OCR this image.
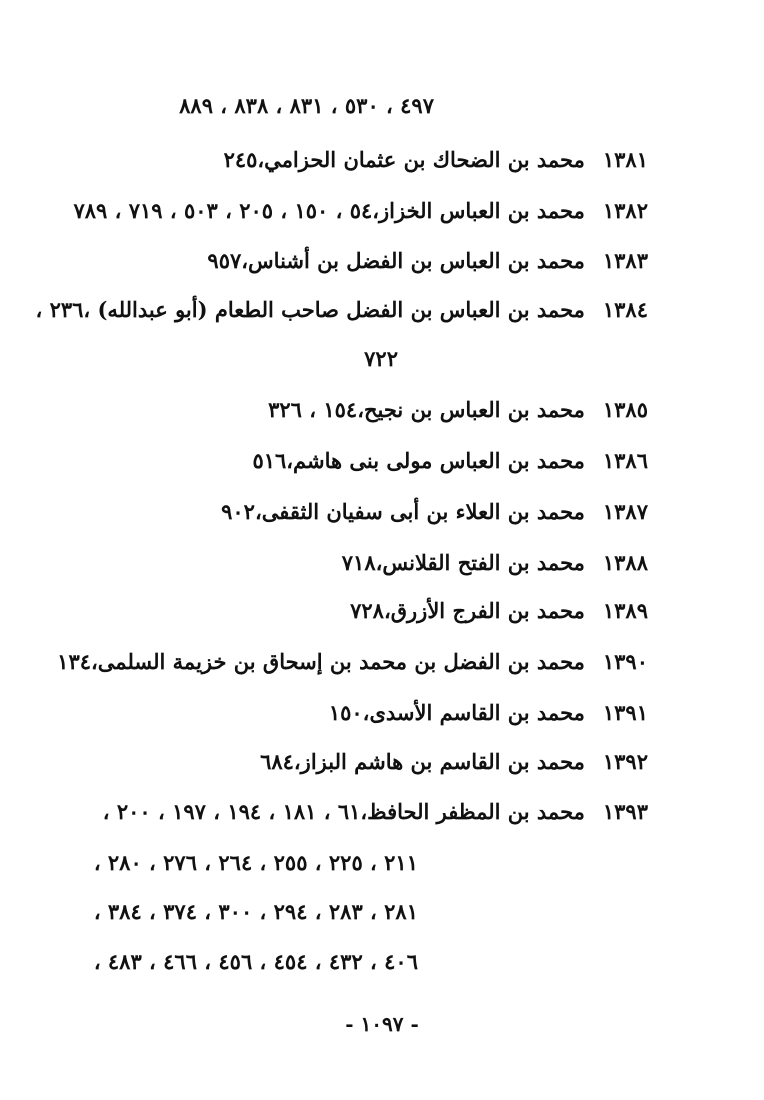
٤٩٧ ، ٥٣٠ ، ٨٣١ ، ٨٣٨ ، ٨٨٩
١٣٨١محمد بن الضحاك بن عثمان الحزامي،٢٤٥
١٣٨٢محمد بن العباس الخزاز،٥٤ ، ١٥٠ ، ٢٠٥ ، ٥٠٣ ، ٧١٩ ، ٧٨٩
١٣٨٣محمد بن العباس بن الفضل بن أشناس،٩٥٧
١٣٨٤محمد بن العباس بن الفضل صاحب الطعام (أبو عبدالله) ،٢٣٦ ،
٧٢٢
١٣٨٥محمد بن العباس بن نجيح،١٥٤ ، ٣٢٦
١٣٨٦محمد بن العباس مولى بنى هاشم،٥١٦
١٣٨٧محمد بن العلاء بن أبى سفيان الثقفى،٩٠٢
١٣٨٨محمد بن الفتح القلانس،٧١٨
١٣٨٩محمد بن الفرج الأزرق،٧٢٨
١٣٩٠محمد بن الفضل بن محمد بن إسحاق بن خزيمة السلمى،١٣٤
١٣٩١محمد بن القاسم الأسدى،١٥٠
١٣٩٢محمد بن القاسم بن هاشم البزاز،٦٨٤
١٣٩٣محمد بن المظفر الحافظ،٦١ ، ١٨١ ، ١٩٤ ، ١٩٧ ، ٢٠٠ ،
٢١١ ، ٢٢٥ ، ٢٥٥ ، ٢٦٤ ، ٢٧٦ ، ٢٨٠ ،
٢٨١ ، ٢٨٣ ، ٢٩٤ ، ٣٠٠ ، ٣٧٤ ، ٣٨٤ ،
٤٠٦ ، ٤٣٢ ، ٤٥٤ ، ٤٥٦ ، ٤٦٦ ، ٤٨٣ ،
- ١٠٩٧ -
